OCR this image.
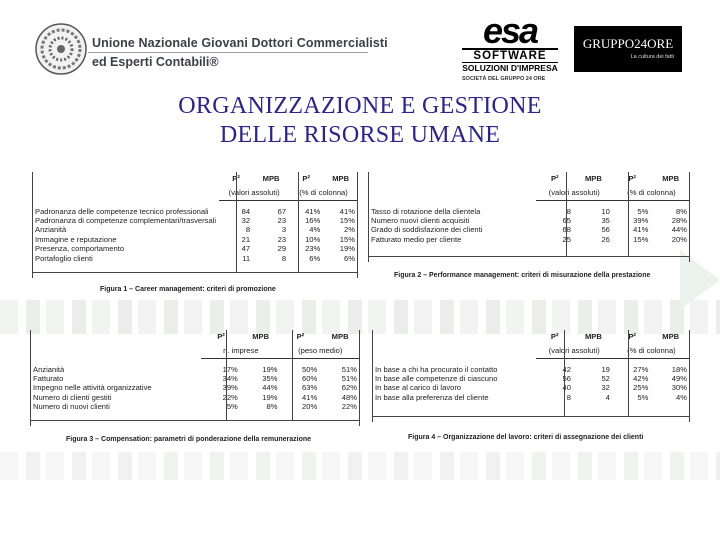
Unione Nazionale Giovani Dottori Commercialisti
ed Esperti Contabili®
esa
SOFTWARE
SOLUZIONI D'IMPRESA
SOCIETÀ DEL GRUPPO 24 ORE
GRUPPO24ORE
La cultura dei fatti
ORGANIZZAZIONE E GESTIONE
DELLE RISORSE UMANE
	P²	MPB	P²	MPB
	(valori assoluti)		(% di colonna)	

Padronanza delle competenze tecnico professionali	84	67	41%	41%
Padronanza di competenze complementari/trasversali	32	23	16%	15%
Anzianità	8	3	4%	2%
Immagine e reputazione	21	23	10%	15%
Presenza, comportamento	47	29	23%	19%
Portafoglio clienti	11	8	6%	6%
Figura 1 – Career management: criteri di promozione
	P²	MPB	P²	MPB
	(valori assoluti)		(% di colonna)	

Tasso di rotazione della clientela	8	10	5%	8%
Numero nuovi clienti acquisiti	65	35	39%	28%
Grado di soddisfazione dei clienti	68	56	41%	44%
Fatturato medio per cliente	25	26	15%	20%
Figura 2 – Performance management: criteri di misurazione della prestazione
	P²	MPB	P²	MPB
	n. imprese		(peso medio)	

Anzianità	17%	19%	50%	51%
Fatturato	34%	35%	60%	51%
Impegno nelle attività organizzative	39%	44%	63%	62%
Numero di clienti gestiti	22%	19%	41%	48%
Numero di nuovi clienti	5%	8%	20%	22%
Figura 3 – Compensation: parametri di ponderazione della remunerazione
	P²	MPB	P²	MPB
	(valori assoluti)		(% di colonna)	

In base a chi ha procurato il contatto	42	19	27%	18%
In base alle competenze di ciascuno	56	52	42%	49%
In base al carico di lavoro	40	32	25%	30%
In base alla preferenza del cliente	8	4	5%	4%
Figura 4 – Organizzazione del lavoro: criteri di assegnazione dei clienti
